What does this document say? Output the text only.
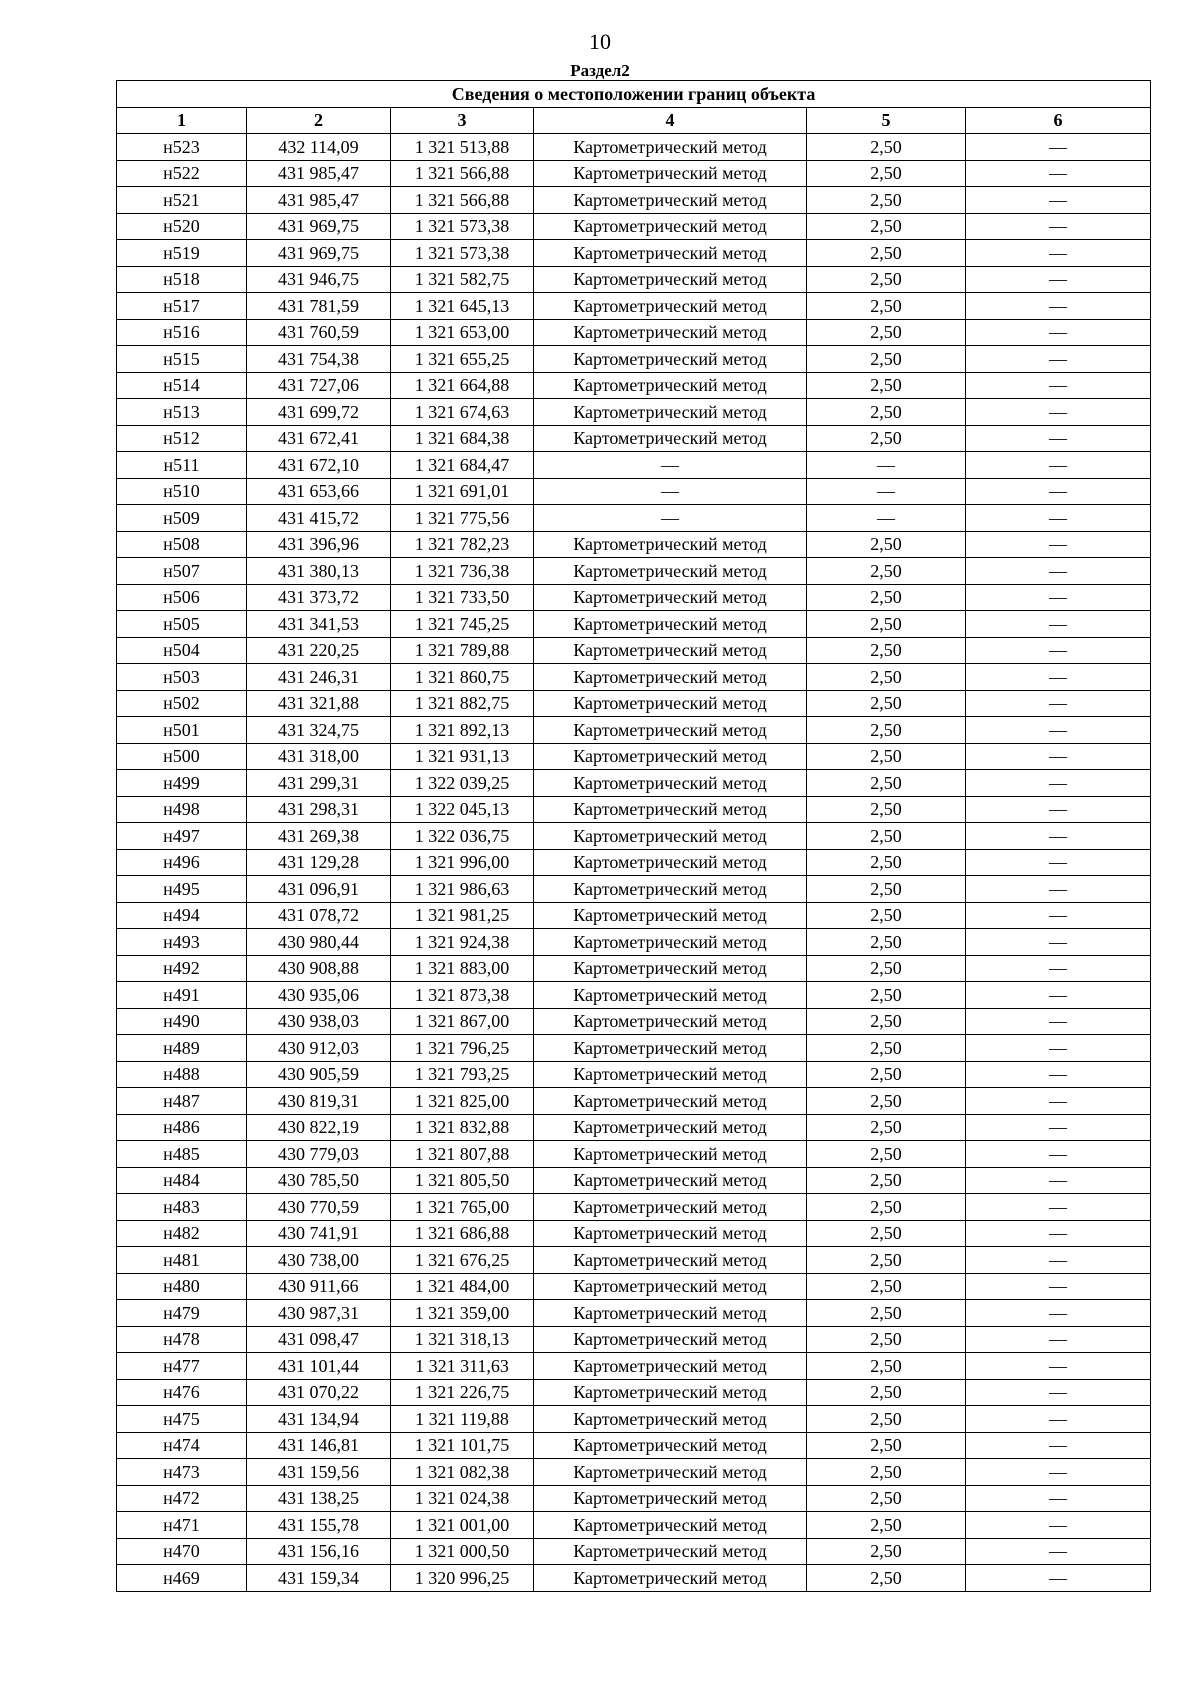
10
Раздел2
Сведения о местоположении границ объекта					
1	2	3	4	5	6
н523	432 114,09	1 321 513,88	Картометрический метод	2,50	—
н522	431 985,47	1 321 566,88	Картометрический метод	2,50	—
н521	431 985,47	1 321 566,88	Картометрический метод	2,50	—
н520	431 969,75	1 321 573,38	Картометрический метод	2,50	—
н519	431 969,75	1 321 573,38	Картометрический метод	2,50	—
н518	431 946,75	1 321 582,75	Картометрический метод	2,50	—
н517	431 781,59	1 321 645,13	Картометрический метод	2,50	—
н516	431 760,59	1 321 653,00	Картометрический метод	2,50	—
н515	431 754,38	1 321 655,25	Картометрический метод	2,50	—
н514	431 727,06	1 321 664,88	Картометрический метод	2,50	—
н513	431 699,72	1 321 674,63	Картометрический метод	2,50	—
н512	431 672,41	1 321 684,38	Картометрический метод	2,50	—
н511	431 672,10	1 321 684,47	—	—	—
н510	431 653,66	1 321 691,01	—	—	—
н509	431 415,72	1 321 775,56	—	—	—
н508	431 396,96	1 321 782,23	Картометрический метод	2,50	—
н507	431 380,13	1 321 736,38	Картометрический метод	2,50	—
н506	431 373,72	1 321 733,50	Картометрический метод	2,50	—
н505	431 341,53	1 321 745,25	Картометрический метод	2,50	—
н504	431 220,25	1 321 789,88	Картометрический метод	2,50	—
н503	431 246,31	1 321 860,75	Картометрический метод	2,50	—
н502	431 321,88	1 321 882,75	Картометрический метод	2,50	—
н501	431 324,75	1 321 892,13	Картометрический метод	2,50	—
н500	431 318,00	1 321 931,13	Картометрический метод	2,50	—
н499	431 299,31	1 322 039,25	Картометрический метод	2,50	—
н498	431 298,31	1 322 045,13	Картометрический метод	2,50	—
н497	431 269,38	1 322 036,75	Картометрический метод	2,50	—
н496	431 129,28	1 321 996,00	Картометрический метод	2,50	—
н495	431 096,91	1 321 986,63	Картометрический метод	2,50	—
н494	431 078,72	1 321 981,25	Картометрический метод	2,50	—
н493	430 980,44	1 321 924,38	Картометрический метод	2,50	—
н492	430 908,88	1 321 883,00	Картометрический метод	2,50	—
н491	430 935,06	1 321 873,38	Картометрический метод	2,50	—
н490	430 938,03	1 321 867,00	Картометрический метод	2,50	—
н489	430 912,03	1 321 796,25	Картометрический метод	2,50	—
н488	430 905,59	1 321 793,25	Картометрический метод	2,50	—
н487	430 819,31	1 321 825,00	Картометрический метод	2,50	—
н486	430 822,19	1 321 832,88	Картометрический метод	2,50	—
н485	430 779,03	1 321 807,88	Картометрический метод	2,50	—
н484	430 785,50	1 321 805,50	Картометрический метод	2,50	—
н483	430 770,59	1 321 765,00	Картометрический метод	2,50	—
н482	430 741,91	1 321 686,88	Картометрический метод	2,50	—
н481	430 738,00	1 321 676,25	Картометрический метод	2,50	—
н480	430 911,66	1 321 484,00	Картометрический метод	2,50	—
н479	430 987,31	1 321 359,00	Картометрический метод	2,50	—
н478	431 098,47	1 321 318,13	Картометрический метод	2,50	—
н477	431 101,44	1 321 311,63	Картометрический метод	2,50	—
н476	431 070,22	1 321 226,75	Картометрический метод	2,50	—
н475	431 134,94	1 321 119,88	Картометрический метод	2,50	—
н474	431 146,81	1 321 101,75	Картометрический метод	2,50	—
н473	431 159,56	1 321 082,38	Картометрический метод	2,50	—
н472	431 138,25	1 321 024,38	Картометрический метод	2,50	—
н471	431 155,78	1 321 001,00	Картометрический метод	2,50	—
н470	431 156,16	1 321 000,50	Картометрический метод	2,50	—
н469	431 159,34	1 320 996,25	Картометрический метод	2,50	—
